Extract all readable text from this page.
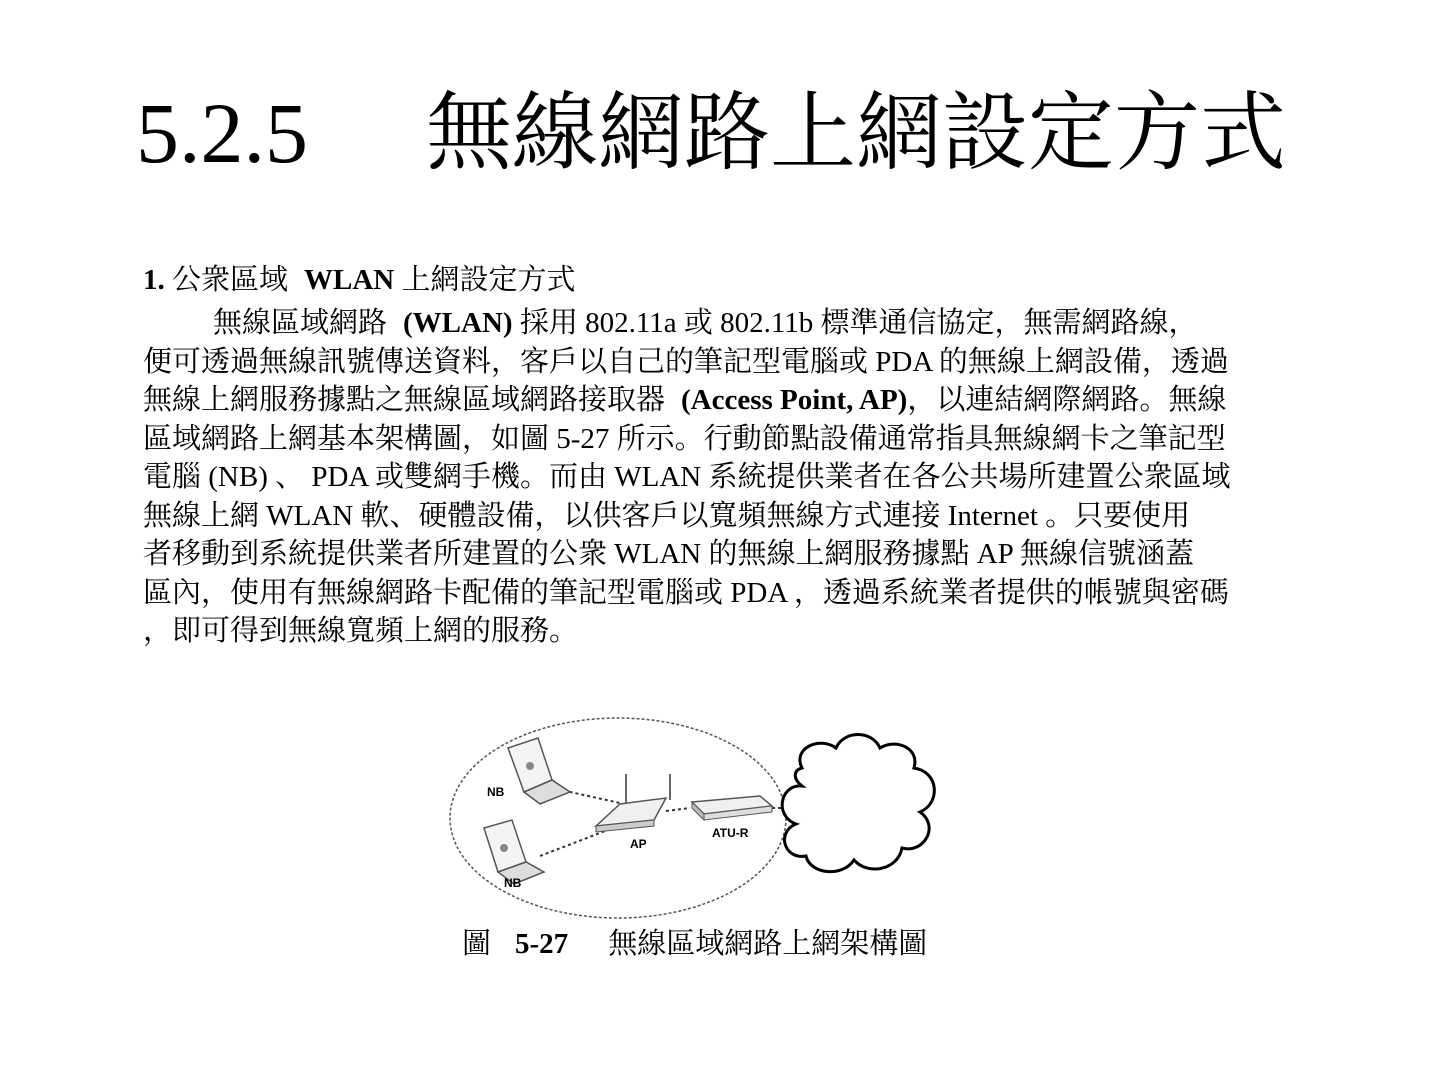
5.2.5 無線網路上網設定方式
1. 公衆區域 WLAN 上網設定方式
無線區域網路 (WLAN) 採用 802.11a 或 802.11b 標準通信協定，無需網路線，
便可透過無線訊號傳送資料，客戶以自己的筆記型電腦或 PDA 的無線上網設備，透過
無線上網服務據點之無線區域網路接取器 (Access Point, AP)，以連結網際網路。無線
區域網路上網基本架構圖，如圖 5-27 所示。行動節點設備通常指具無線網卡之筆記型
電腦 (NB) 、 PDA 或雙網手機。而由 WLAN 系統提供業者在各公共場所建置公衆區域
無線上網 WLAN 軟、硬體設備，以供客戶以寬頻無線方式連接 Internet 。只要使用
者移動到系統提供業者所建置的公衆 WLAN 的無線上網服務據點 AP 無線信號涵蓋
區內，使用有無線網路卡配備的筆記型電腦或 PDA ，透過系統業者提供的帳號與密碼
，即可得到無線寬頻上網的服務。
NB
NB
AP
ATU-R
圖 5-27 無線區域網路上網架構圖
